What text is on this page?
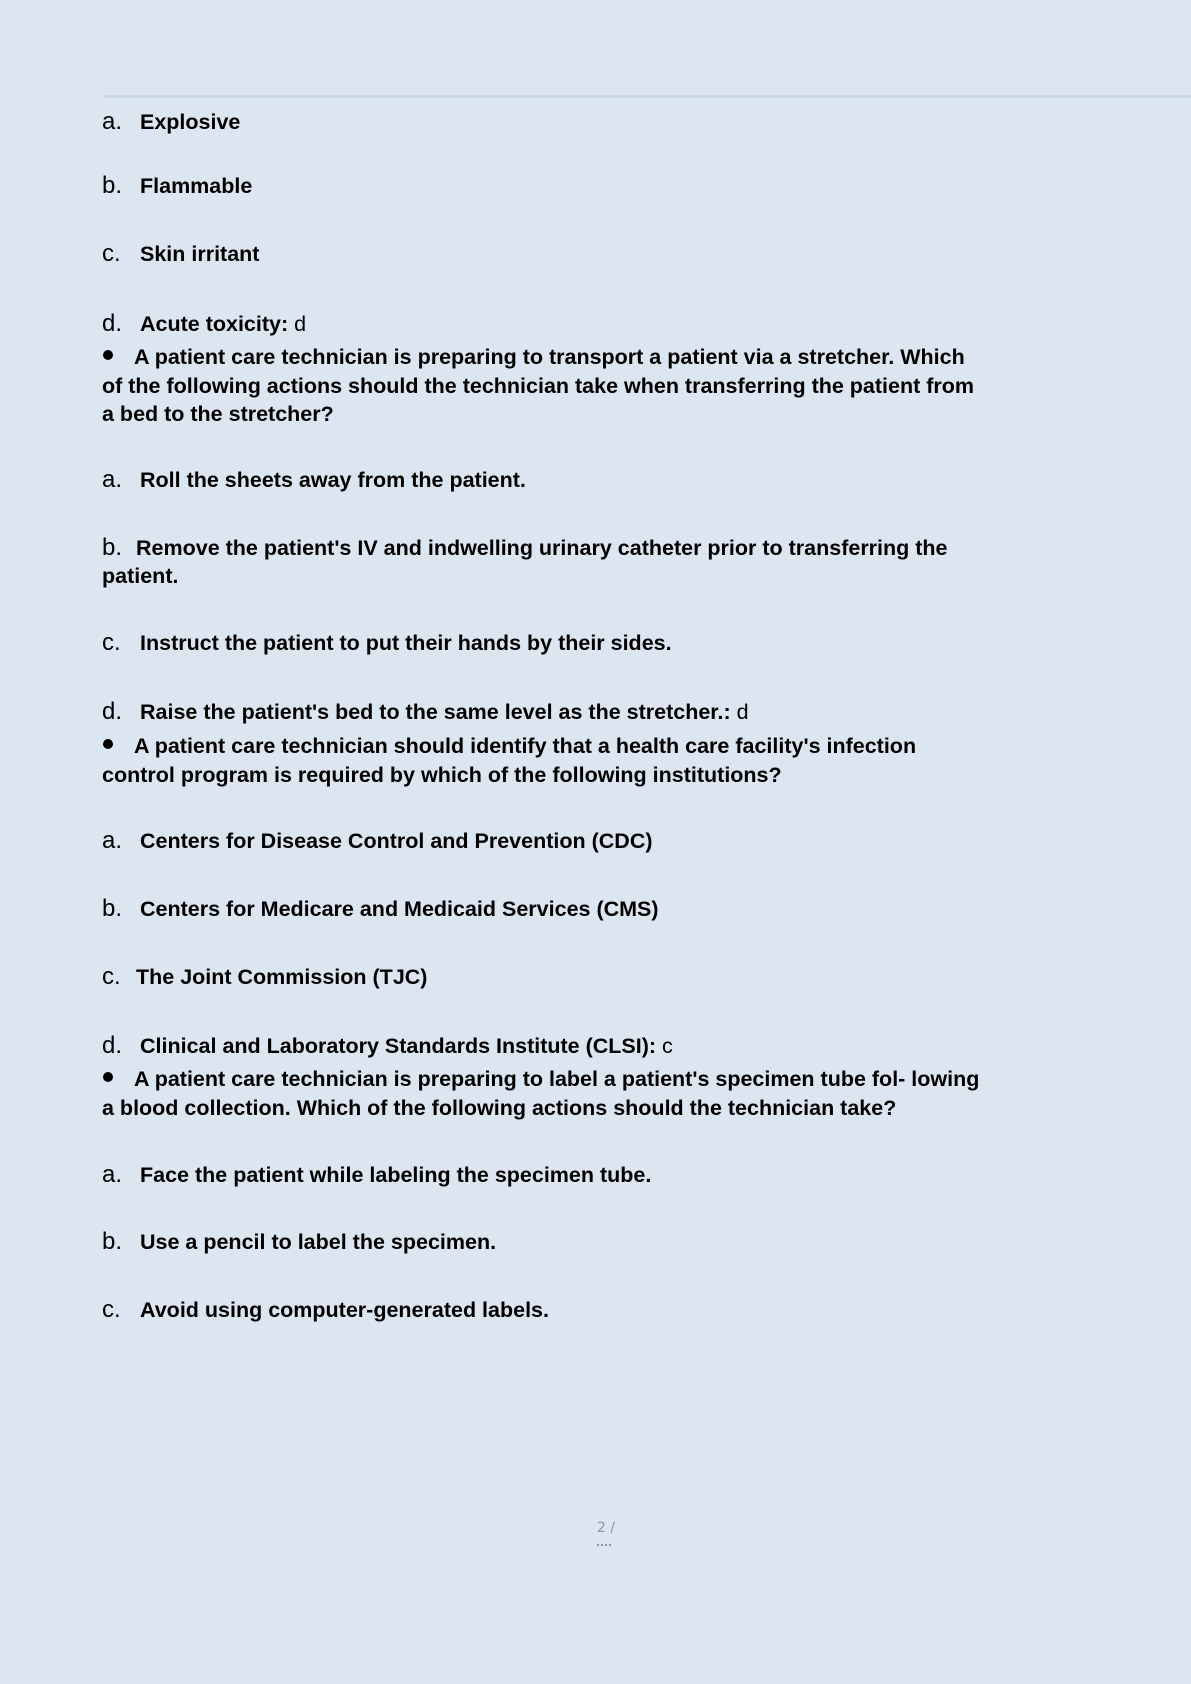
a. Explosive
b. Flammable
c. Skin irritant
d. Acute toxicity: d
A patient care technician is preparing to transport a patient via a stretcher. Which
of the following actions should the technician take when transferring the patient from
a bed to the stretcher?
a. Roll the sheets away from the patient.
b. Remove the patient's IV and indwelling urinary catheter prior to transferring the
patient.
c. Instruct the patient to put their hands by their sides.
d. Raise the patient's bed to the same level as the stretcher.: d
A patient care technician should identify that a health care facility's infection
control program is required by which of the following institutions?
a. Centers for Disease Control and Prevention (CDC)
b. Centers for Medicare and Medicaid Services (CMS)
c. The Joint Commission (TJC)
d. Clinical and Laboratory Standards Institute (CLSI): c
A patient care technician is preparing to label a patient's specimen tube fol- lowing
a blood collection. Which of the following actions should the technician take?
a. Face the patient while labeling the specimen tube.
b. Use a pencil to label the specimen.
c. Avoid using computer-generated labels.
2 /
